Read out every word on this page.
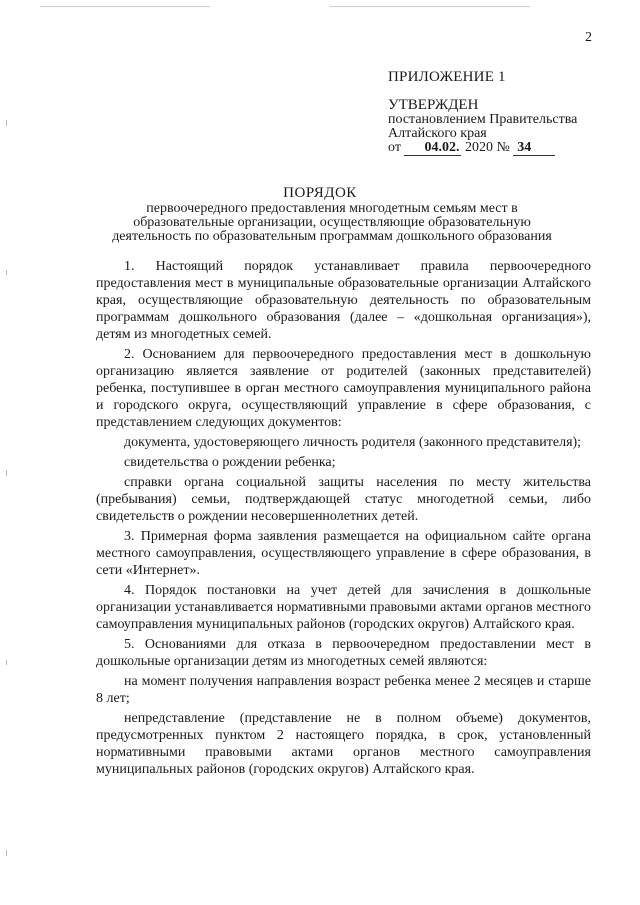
2
ПРИЛОЖЕНИЕ 1
УТВЕРЖДЕН
постановлением Правительства
Алтайского края
от 04.02. 2020 № 34
ПОРЯДОК
первоочередного предоставления многодетным семьям мест в образовательные организации, осуществляющие образовательную деятельность по образовательным программам дошкольного образования

1. Настоящий порядок устанавливает правила первоочередного предоставления мест в муниципальные образовательные организации Алтайского края, осуществляющие образовательную деятельность по образовательным программам дошкольного образования (далее – «дошкольная организация»), детям из многодетных семей.

2. Основанием для первоочередного предоставления мест в дошкольную организацию является заявление от родителей (законных представителей) ребенка, поступившее в орган местного самоуправления муниципального района и городского округа, осуществляющий управление в сфере образования, с представлением следующих документов:

документа, удостоверяющего личность родителя (законного представителя);

свидетельства о рождении ребенка;

справки органа социальной защиты населения по месту жительства (пребывания) семьи, подтверждающей статус многодетной семьи, либо свидетельств о рождении несовершеннолетних детей.

3. Примерная форма заявления размещается на официальном сайте органа местного самоуправления, осуществляющего управление в сфере образования, в сети «Интернет».

4. Порядок постановки на учет детей для зачисления в дошкольные организации устанавливается нормативными правовыми актами органов местного самоуправления муниципальных районов (городских округов) Алтайского края.

5. Основаниями для отказа в первоочередном предоставлении мест в дошкольные организации детям из многодетных семей являются:

на момент получения направления возраст ребенка менее 2 месяцев и старше 8 лет;

непредставление (представление не в полном объеме) документов, предусмотренных пунктом 2 настоящего порядка, в срок, установленный нормативными правовыми актами органов местного самоуправления муниципальных районов (городских округов) Алтайского края.
